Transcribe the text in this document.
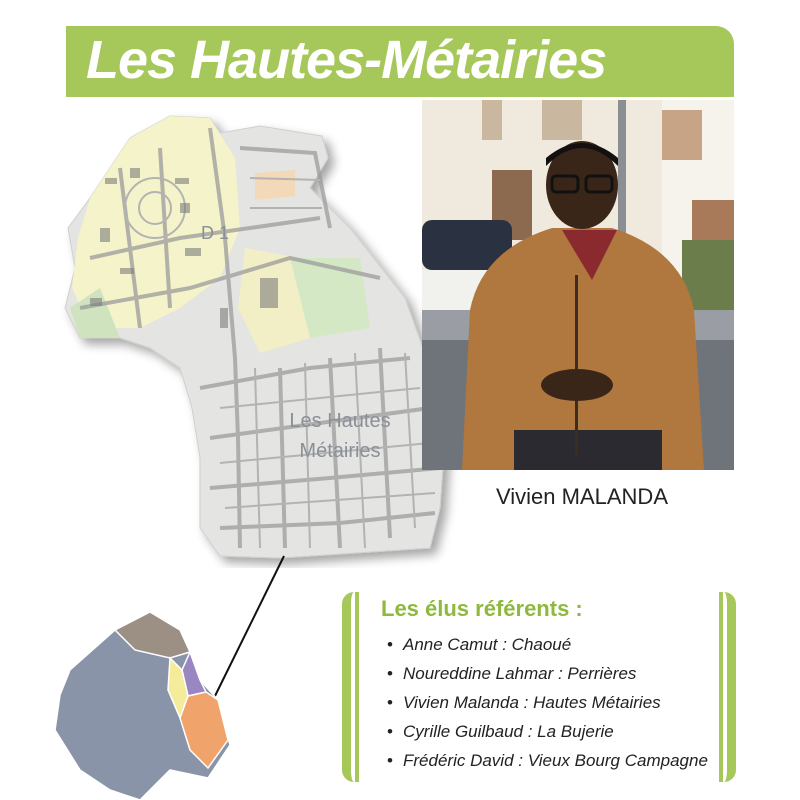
Les Hautes-Métairies
D 1
Les Hautes
Métairies
Vivien MALANDA
Les élus référents :
• Anne Camut : Chaoué
• Noureddine Lahmar : Perrières
• Vivien Malanda : Hautes Métairies
• Cyrille Guilbaud : La Bujerie
• Frédéric David : Vieux Bourg Campagne
